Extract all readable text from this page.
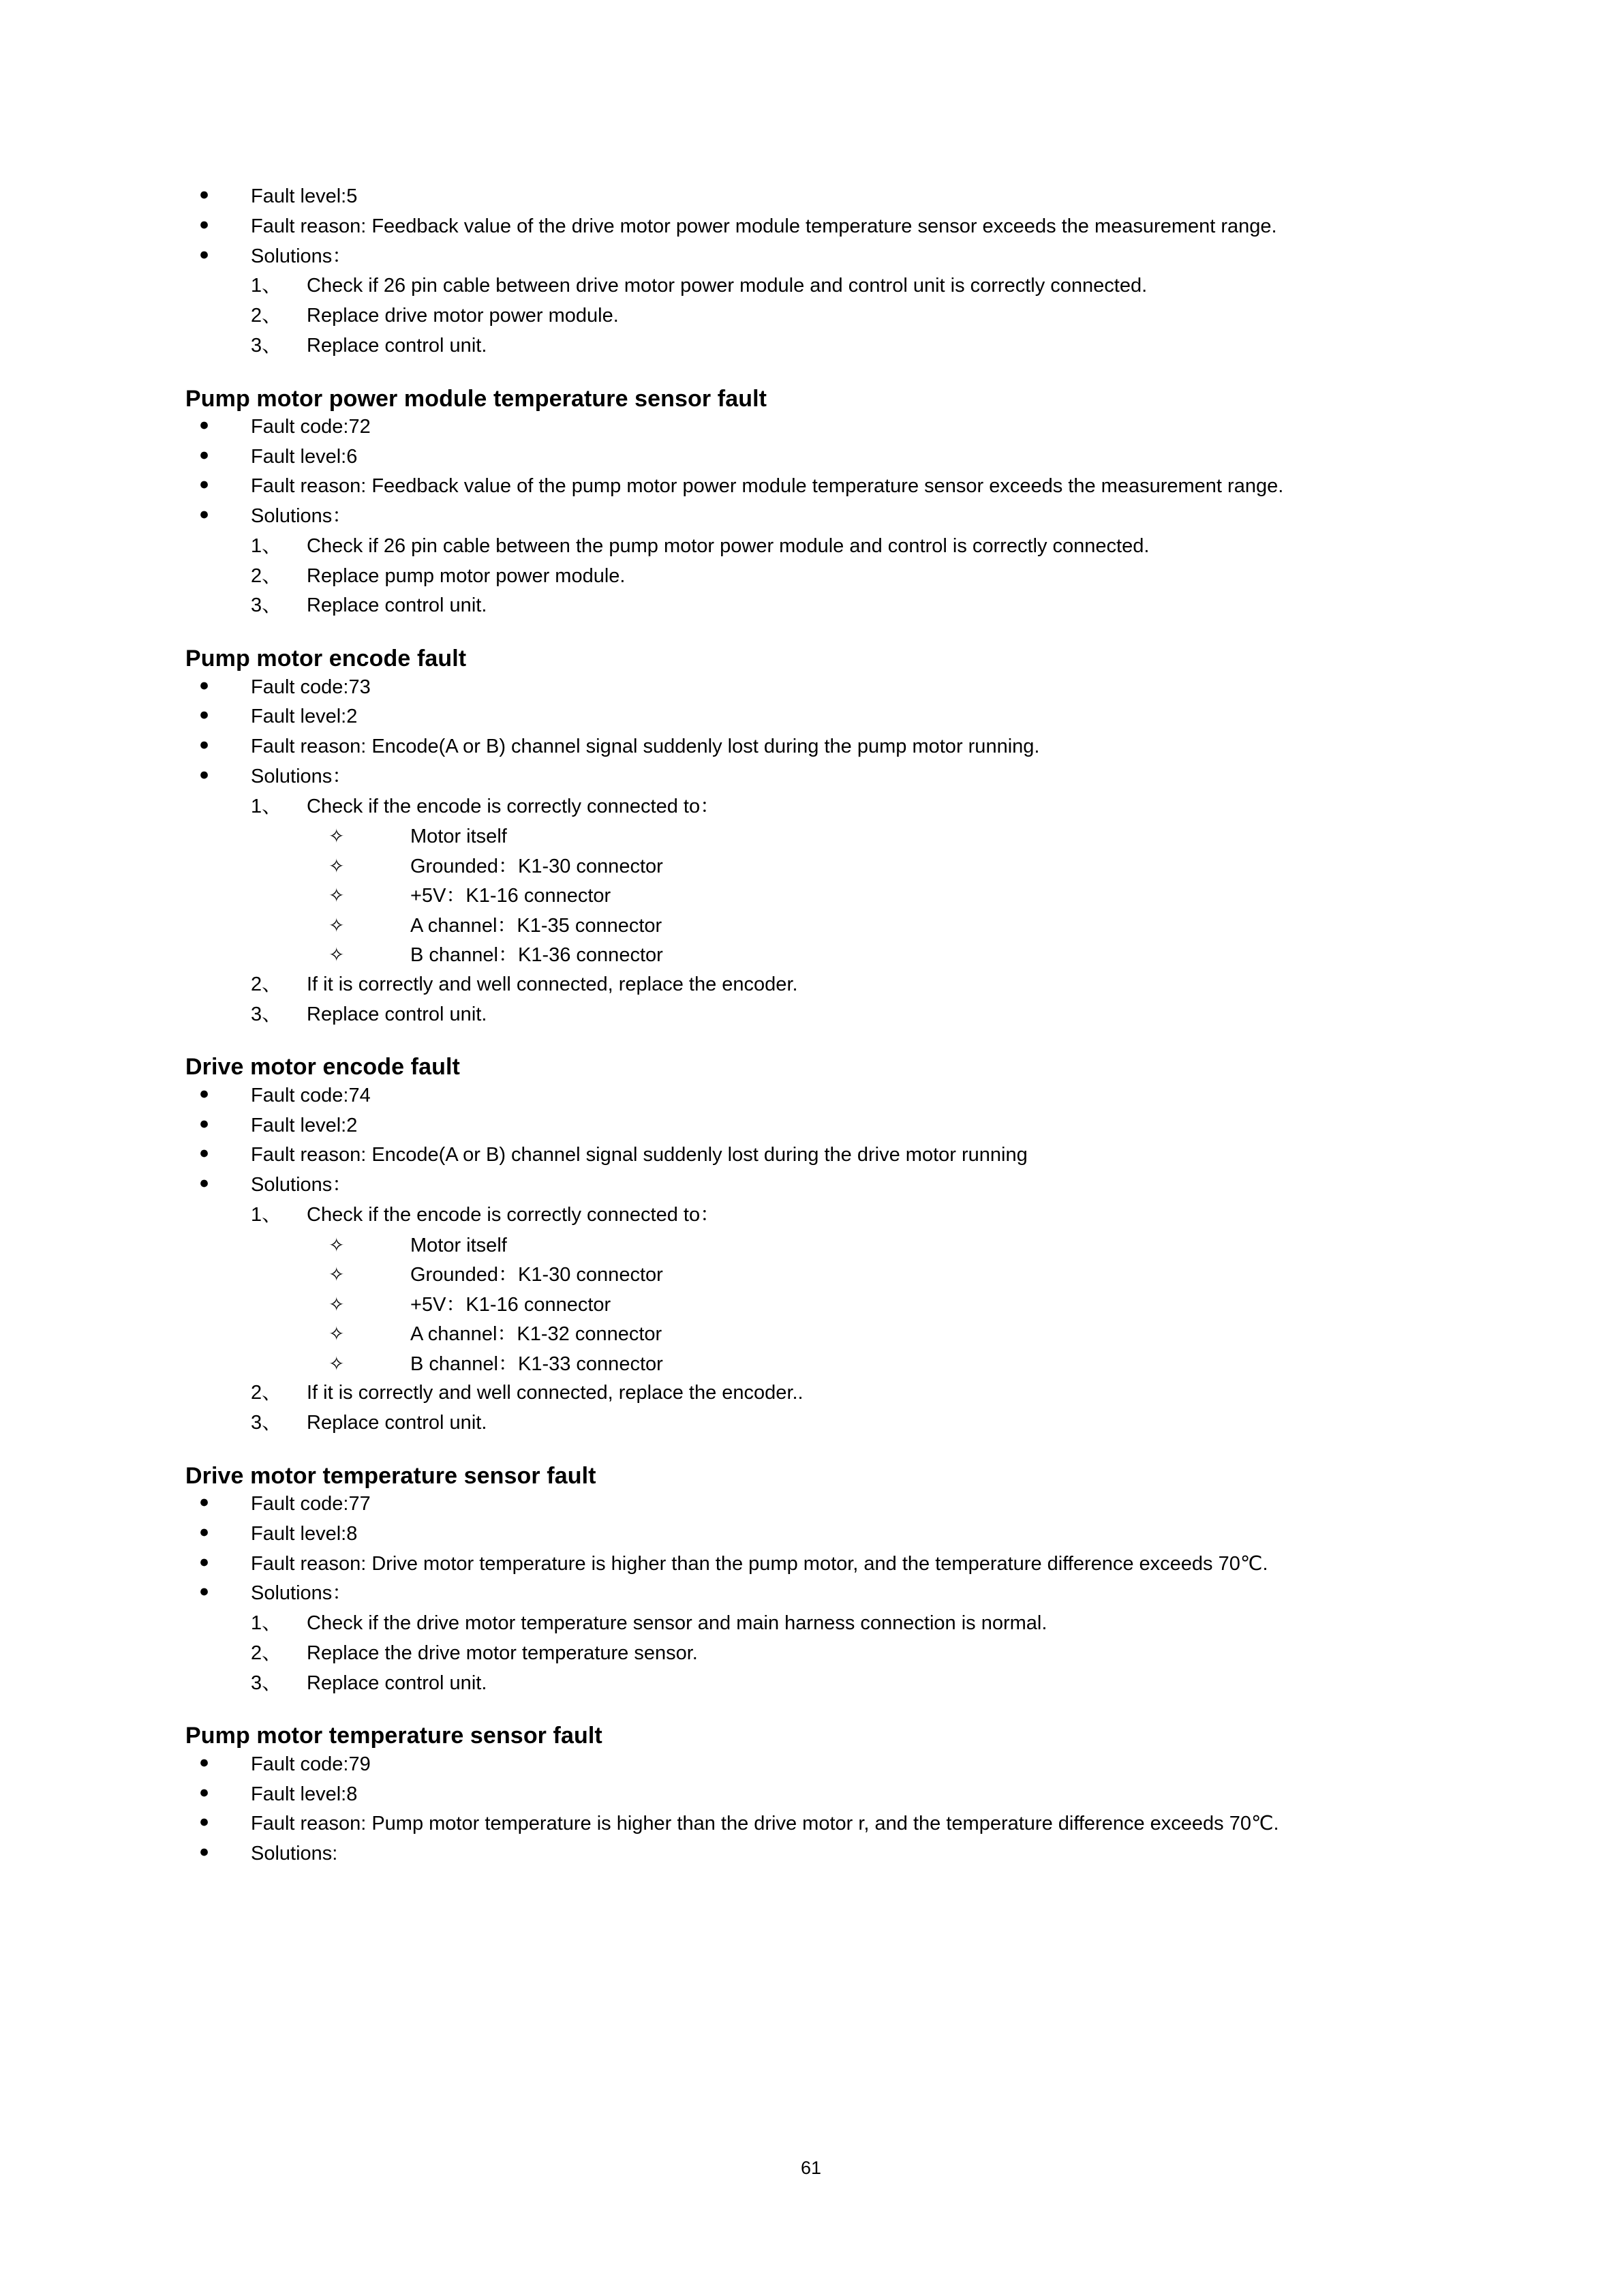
● Fault level:5
● Fault reason: Feedback value of the drive motor power module temperature sensor exceeds the measurement range.
● Solutions：
1、	Check if 26 pin cable between drive motor power module and control unit is correctly connected.
2、	Replace drive motor power module.
3、	Replace control unit.
Pump motor power module temperature sensor fault
● Fault code:72
● Fault level:6
● Fault reason: Feedback value of the pump motor power module temperature sensor exceeds the measurement range.
● Solutions：
1、	Check if 26 pin cable between the pump motor power module and control is correctly connected.
2、	Replace pump motor power module.
3、	Replace control unit.
Pump motor encode fault
● Fault code:73
● Fault level:2
● Fault reason: Encode(A or B) channel signal suddenly lost during the pump motor running.
● Solutions：
1、	Check if the encode is correctly connected to：
✧	Motor itself
✧	Grounded：K1-30 connector
✧	+5V：K1-16 connector
✧	A channel：K1-35 connector
✧	B channel：K1-36 connector
2、	If it is correctly and well connected, replace the encoder.
3、	Replace control unit.
Drive motor encode fault
● Fault code:74
● Fault level:2
● Fault reason: Encode(A or B) channel signal suddenly lost during the drive motor running
● Solutions：
1、	Check if the encode is correctly connected to：
✧	Motor itself
✧	Grounded：K1-30 connector
✧	+5V：K1-16 connector
✧	A channel：K1-32 connector
✧	B channel：K1-33 connector
2、	If it is correctly and well connected, replace the encoder..
3、	Replace control unit.
Drive motor temperature sensor fault
● Fault code:77
● Fault level:8
● Fault reason: Drive motor temperature is higher than the pump motor, and the temperature difference exceeds 70℃.
● Solutions：
1、	Check if the drive motor temperature sensor and main harness connection is normal.
2、	Replace the drive motor temperature sensor.
3、	Replace control unit.
Pump motor temperature sensor fault
● Fault code:79
● Fault level:8
● Fault reason: Pump motor temperature is higher than the drive motor r, and the temperature difference exceeds 70℃.
● Solutions:
61
